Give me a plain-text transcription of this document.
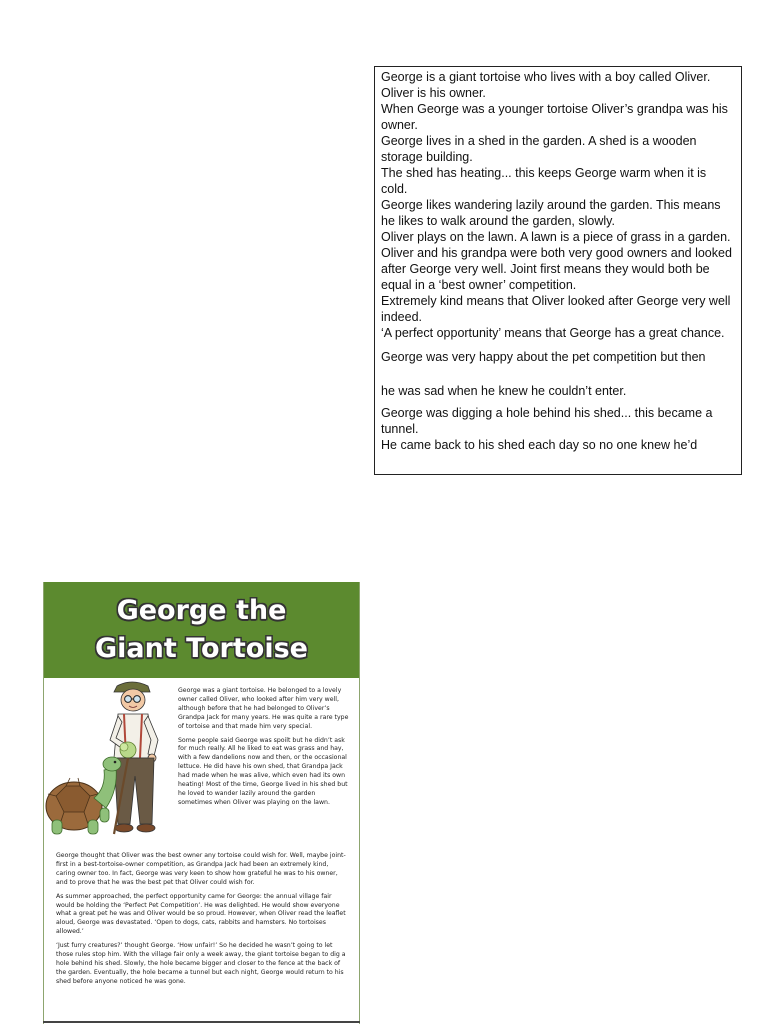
George is a giant tortoise who lives with a boy called Oliver. Oliver is his owner.

When George was a younger tortoise Oliver’s grandpa was his owner.

George lives in a shed in the garden. A shed is a wooden storage building.

The shed has heating... this keeps George warm when it is cold.

George likes wandering lazily around the garden. This means he likes to walk around the garden, slowly.

Oliver plays on the lawn. A lawn is a piece of grass in a garden.

Oliver and his grandpa were both very good owners and looked after George very well. Joint first means they would both be equal in a ‘best owner’ competition.

Extremely kind means that Oliver looked after George very well indeed.

‘A perfect opportunity’ means that George has a great chance.

George was very happy about the pet competition but then

he was sad when he knew he couldn’t enter.

George was digging a hole behind his shed... this became a tunnel.

He came back to his shed each day so no one knew he’d

George the
Giant Tortoise

George was a giant tortoise. He belonged to a lovely owner called Oliver, who looked after him very well, although before that he had belonged to Oliver’s Grandpa Jack for many years. He was quite a rare type of tortoise and that made him very special.

Some people said George was spoilt but he didn’t ask for much really. All he liked to eat was grass and hay, with a few dandelions now and then, or the occasional lettuce. He did have his own shed, that Grandpa Jack had made when he was alive, which even had its own heating! Most of the time, George lived in his shed but he loved to wander lazily around the garden sometimes when Oliver was playing on the lawn.

George thought that Oliver was the best owner any tortoise could wish for. Well, maybe joint-first in a best-tortoise-owner competition, as Grandpa Jack had been an extremely kind, caring owner too. In fact, George was very keen to show how grateful he was to his owner, and to prove that he was the best pet that Oliver could wish for.

As summer approached, the perfect opportunity came for George: the annual village fair would be holding the ‘Perfect Pet Competition’. He was delighted. He would show everyone what a great pet he was and Oliver would be so proud. However, when Oliver read the leaflet aloud, George was devastated. ‘Open to dogs, cats, rabbits and hamsters. No tortoises allowed.’

‘Just furry creatures?’ thought George. ‘How unfair!’ So he decided he wasn’t going to let those rules stop him. With the village fair only a week away, the giant tortoise began to dig a hole behind his shed. Slowly, the hole became bigger and closer to the fence at the back of the garden. Eventually, the hole became a tunnel but each night, George would return to his shed before anyone noticed he was gone.
